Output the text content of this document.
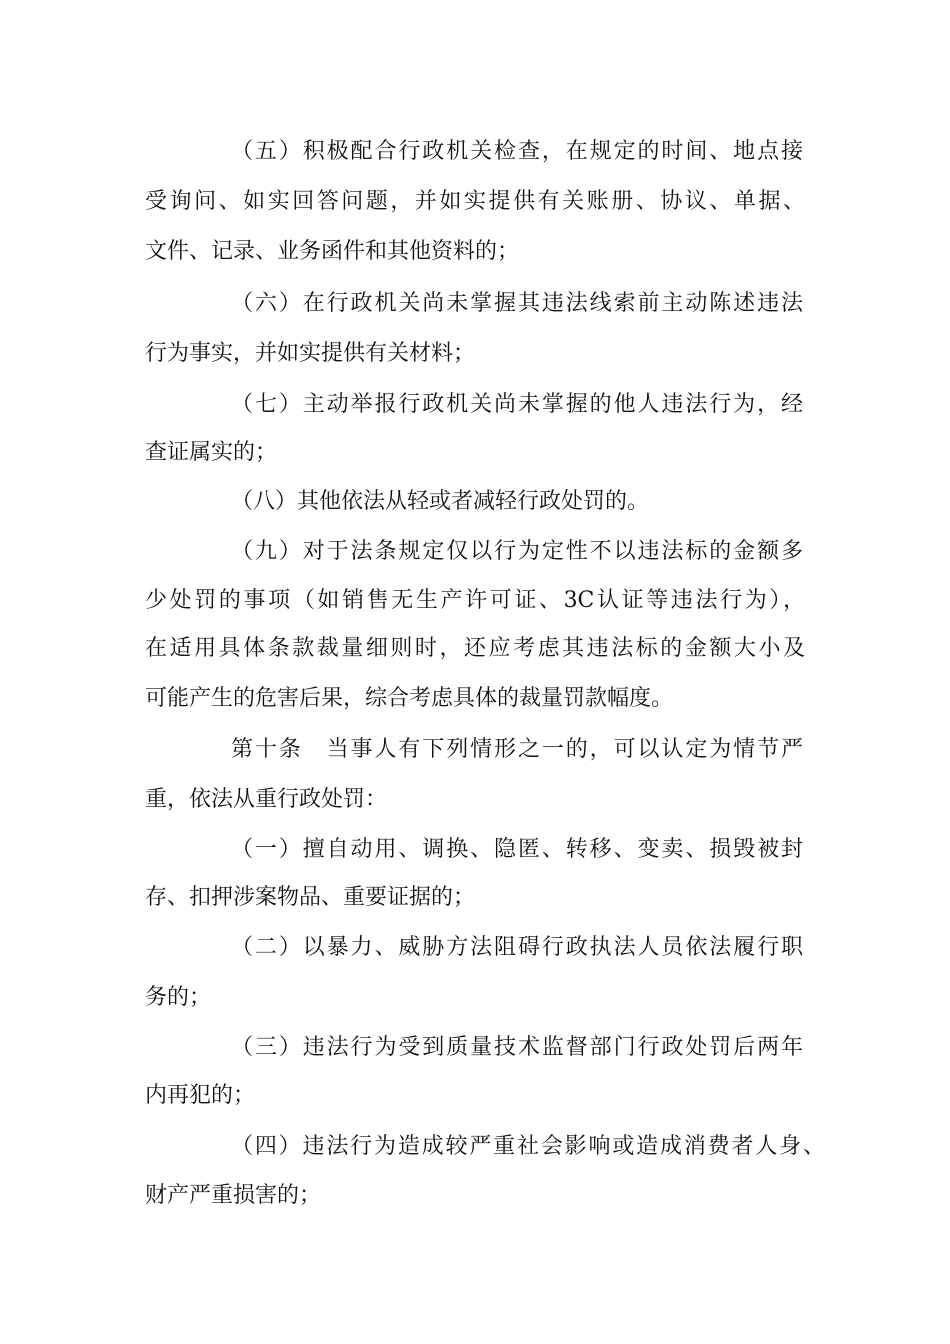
（五）积极配合行政机关检查，在规定的时间、地点接

受询问、如实回答问题，并如实提供有关账册、协议、单据、

文件、记录、业务函件和其他资料的；

（六）在行政机关尚未掌握其违法线索前主动陈述违法

行为事实，并如实提供有关材料；

（七）主动举报行政机关尚未掌握的他人违法行为，经

查证属实的；

（八）其他依法从轻或者减轻行政处罚的。

（九）对于法条规定仅以行为定性不以违法标的金额多

少处罚的事项（如销售无生产许可证、3C认证等违法行为），

在适用具体条款裁量细则时，还应考虑其违法标的金额大小及

可能产生的危害后果，综合考虑具体的裁量罚款幅度。

第十条　当事人有下列情形之一的，可以认定为情节严

重，依法从重行政处罚：

（一）擅自动用、调换、隐匿、转移、变卖、损毁被封

存、扣押涉案物品、重要证据的；

（二）以暴力、威胁方法阻碍行政执法人员依法履行职

务的；

（三）违法行为受到质量技术监督部门行政处罚后两年

内再犯的；

（四）违法行为造成较严重社会影响或造成消费者人身、

财产严重损害的；
